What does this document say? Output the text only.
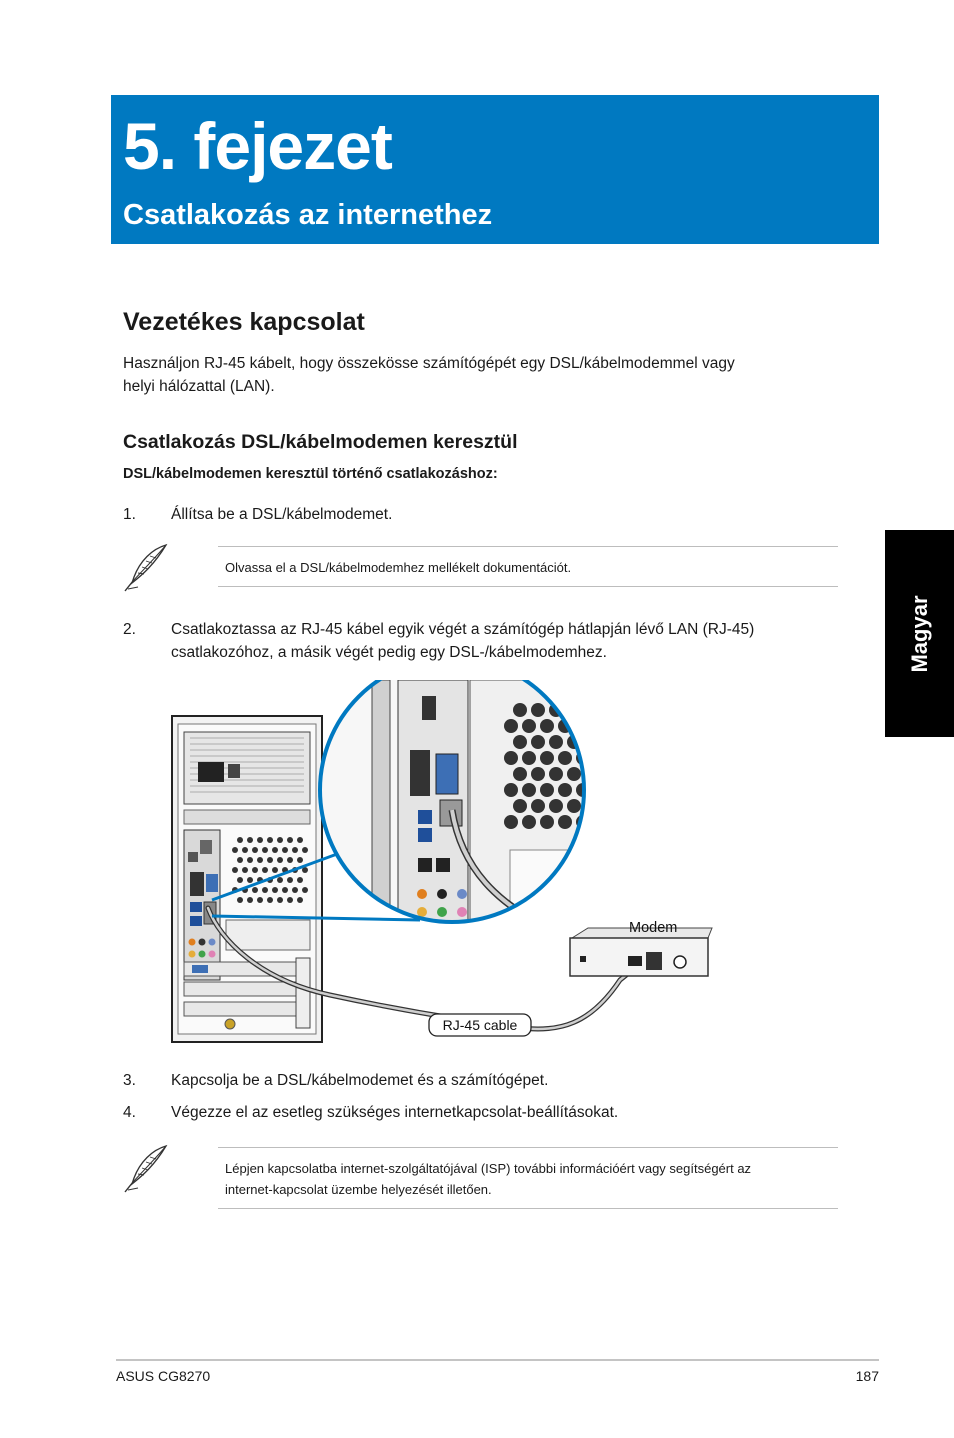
5. fejezet
Csatlakozás az internethez
Magyar
Vezetékes kapcsolat

Használjon RJ-45 kábelt, hogy összekösse számítógépét egy DSL/kábelmodemmel vagy

helyi hálózattal (LAN).

Csatlakozás DSL/kábelmodemen keresztül
DSL/kábelmodemen keresztül történő csatlakozáshoz:
1. Állítsa be a DSL/kábelmodemet.
Olvassa el a DSL/kábelmodemhez mellékelt dokumentációt.
2. Csatlakoztassa az RJ-45 kábel egyik végét a számítógép hátlapján lévő LAN (RJ-45)
csatlakozóhoz, a másik végét pedig egy DSL-/kábelmodemhez.
Modem
RJ-45 cable
3. Kapcsolja be a DSL/kábelmodemet és a számítógépet.
4. Végezze el az esetleg szükséges internetkapcsolat-beállításokat.
Lépjen kapcsolatba internet-szolgáltatójával (ISP) további információért vagy segítségért az
internet-kapcsolat üzembe helyezését illetően.
ASUS CG8270	187
